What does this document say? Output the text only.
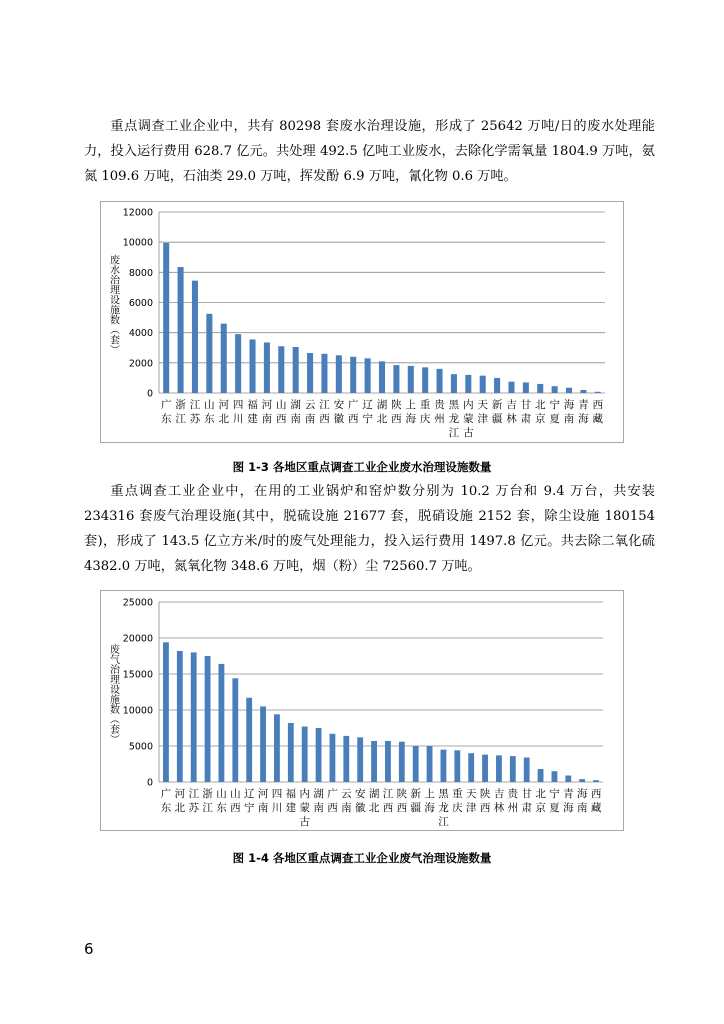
重点调查工业企业中，共有 80298 套废水治理设施，形成了 25642 万吨/日的废水处理能力，投入运行费用 628.7 亿元。共处理 492.5 亿吨工业废水，去除化学需氧量 1804.9 万吨，氨氮 109.6 万吨，石油类 29.0 万吨，挥发酚 6.9 万吨，氰化物 0.6 万吨。

0
2000
4000
6000
8000
10000
12000
废水治理设施数（套）
广东
浙江
江苏
山东
河北
四川
福建
河南
山西
湖南
云南
江西
安徽
广西
辽宁
湖北
陕西
上海
重庆
贵州
黑龙江
内蒙古
天津
新疆
吉林
甘肃
北京
宁夏
海南
青海
西藏
图 1-3 各地区重点调查工业企业废水治理设施数量

重点调查工业企业中，在用的工业锅炉和窑炉数分别为 10.2 万台和 9.4 万台，共安装 234316 套废气治理设施(其中，脱硫设施 21677 套，脱硝设施 2152 套，除尘设施 180154 套)，形成了 143.5 亿立方米/时的废气处理能力，投入运行费用 1497.8 亿元。共去除二氧化硫 4382.0 万吨，氮氧化物 348.6 万吨，烟（粉）尘 72560.7 万吨。

0
5000
10000
15000
20000
25000
废气治理设施数（套）
广东
河北
江苏
浙江
山东
山西
辽宁
河南
四川
福建
内蒙古
湖南
广西
云南
安徽
湖北
江西
陕西
新疆
上海
黑龙江
重庆
天津
陕西
吉林
贵州
甘肃
北京
宁夏
青海
海南
西藏
图 1-4 各地区重点调查工业企业废气治理设施数量
6
